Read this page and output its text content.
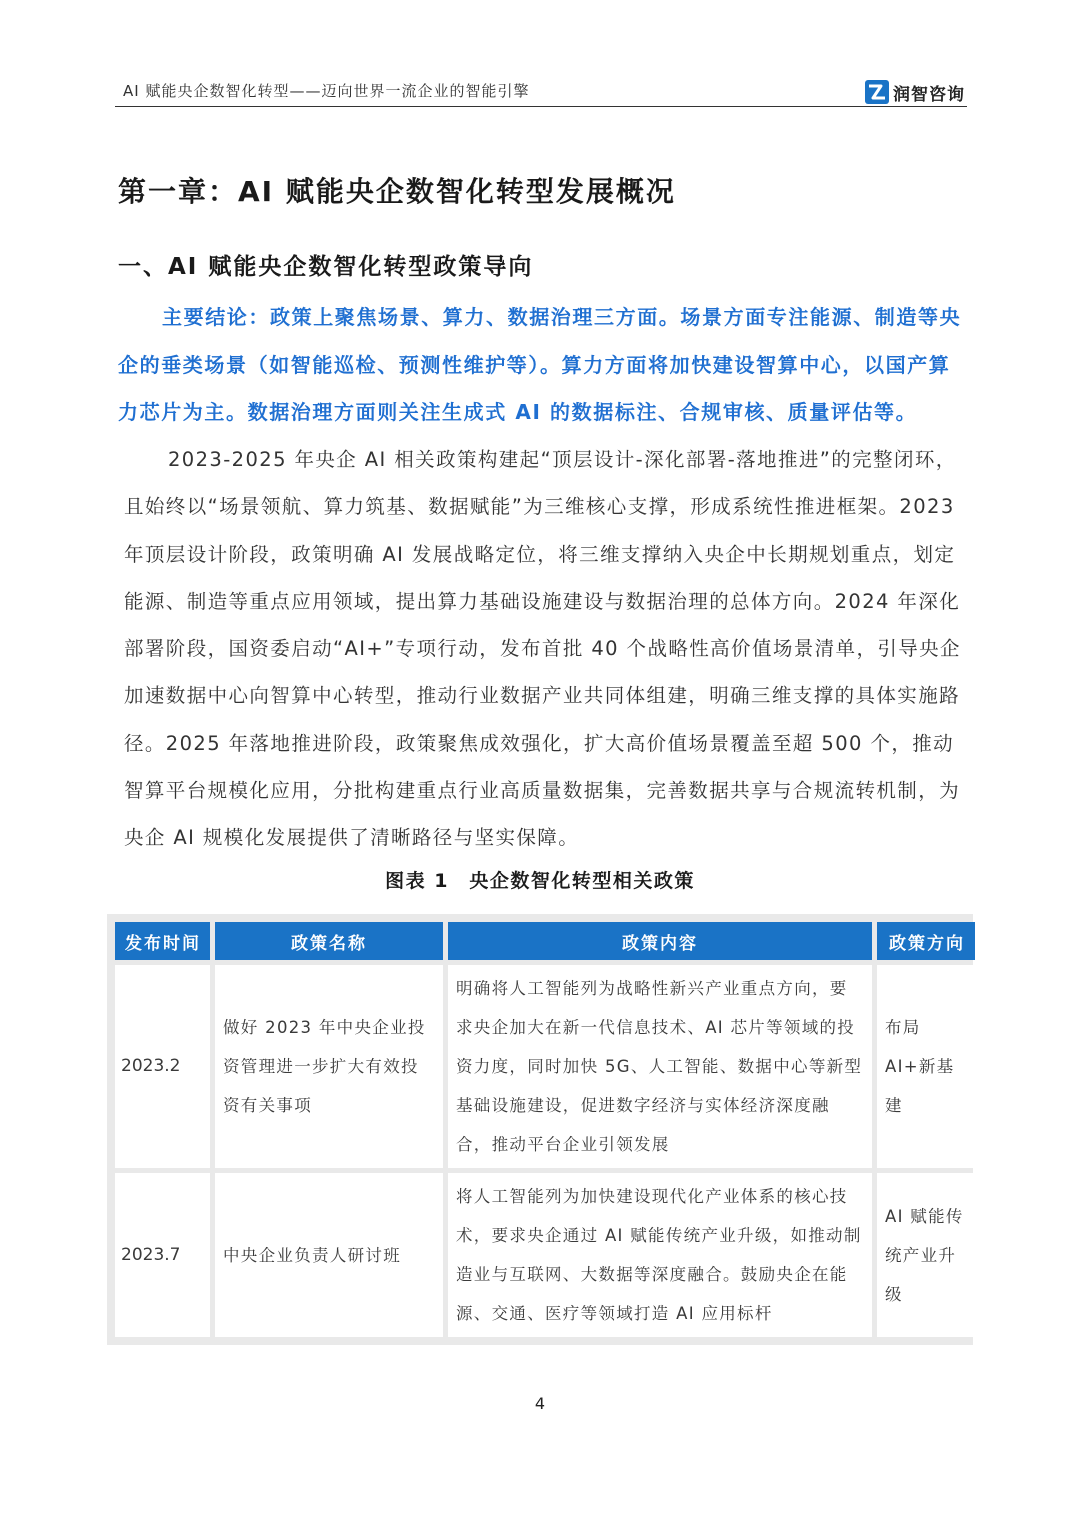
AI 赋能央企数智化转型——迈向世界一流企业的智能引擎	润智咨询
第一章：AI 赋能央企数智化转型发展概况
一、AI 赋能央企数智化转型政策导向

主要结论：政策上聚焦场景、算力、数据治理三方面。场景方面专注能源、制造等央企的垂类场景（如智能巡检、预测性维护等）。算力方面将加快建设智算中心，以国产算力芯片为主。数据治理方面则关注生成式 AI 的数据标注、合规审核、质量评估等。

2023-2025 年央企 AI 相关政策构建起“顶层设计-深化部署-落地推进”的完整闭环，且始终以“场景领航、算力筑基、数据赋能”为三维核心支撑，形成系统性推进框架。2023 年顶层设计阶段，政策明确 AI 发展战略定位，将三维支撑纳入央企中长期规划重点，划定能源、制造等重点应用领域，提出算力基础设施建设与数据治理的总体方向。2024 年深化部署阶段，国资委启动“AI+”专项行动，发布首批 40 个战略性高价值场景清单，引导央企加速数据中心向智算中心转型，推动行业数据产业共同体组建，明确三维支撑的具体实施路径。2025 年落地推进阶段，政策聚焦成效强化，扩大高价值场景覆盖至超 500 个，推动智算平台规模化应用，分批构建重点行业高质量数据集，完善数据共享与合规流转机制，为央企 AI 规模化发展提供了清晰路径与坚实保障。

图表 1　央企数智化转型相关政策
发布时间	政策名称	政策内容	政策方向
2023.2	做好 2023 年中央企业投资管理进一步扩大有效投资有关事项	明确将人工智能列为战略性新兴产业重点方向，要求央企加大在新一代信息技术、AI 芯片等领域的投资力度，同时加快 5G、人工智能、数据中心等新型基础设施建设，促进数字经济与实体经济深度融合，推动平台企业引领发展	布局 AI+新基建
2023.7	中央企业负责人研讨班	将人工智能列为加快建设现代化产业体系的核心技术，要求央企通过 AI 赋能传统产业升级，如推动制造业与互联网、大数据等深度融合。鼓励央企在能源、交通、医疗等领域打造 AI 应用标杆	AI 赋能传统产业升级
4
